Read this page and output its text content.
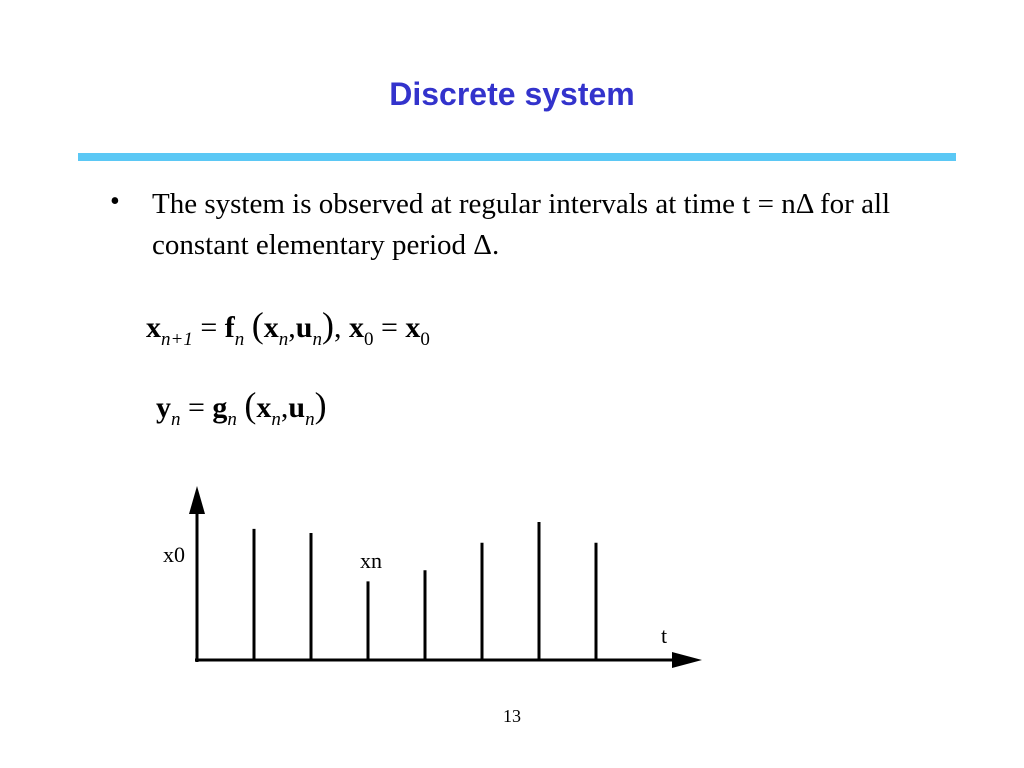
Discrete system
• The system is observed at regular intervals at time t = nΔ for all constant elementary period Δ.
$x_{n+1} = f_n$ $(x_n,u_n)$, $x_0 = x_0$
$y_n = g_n$ $(x_n,u_n)$
x0	xn
t
13
